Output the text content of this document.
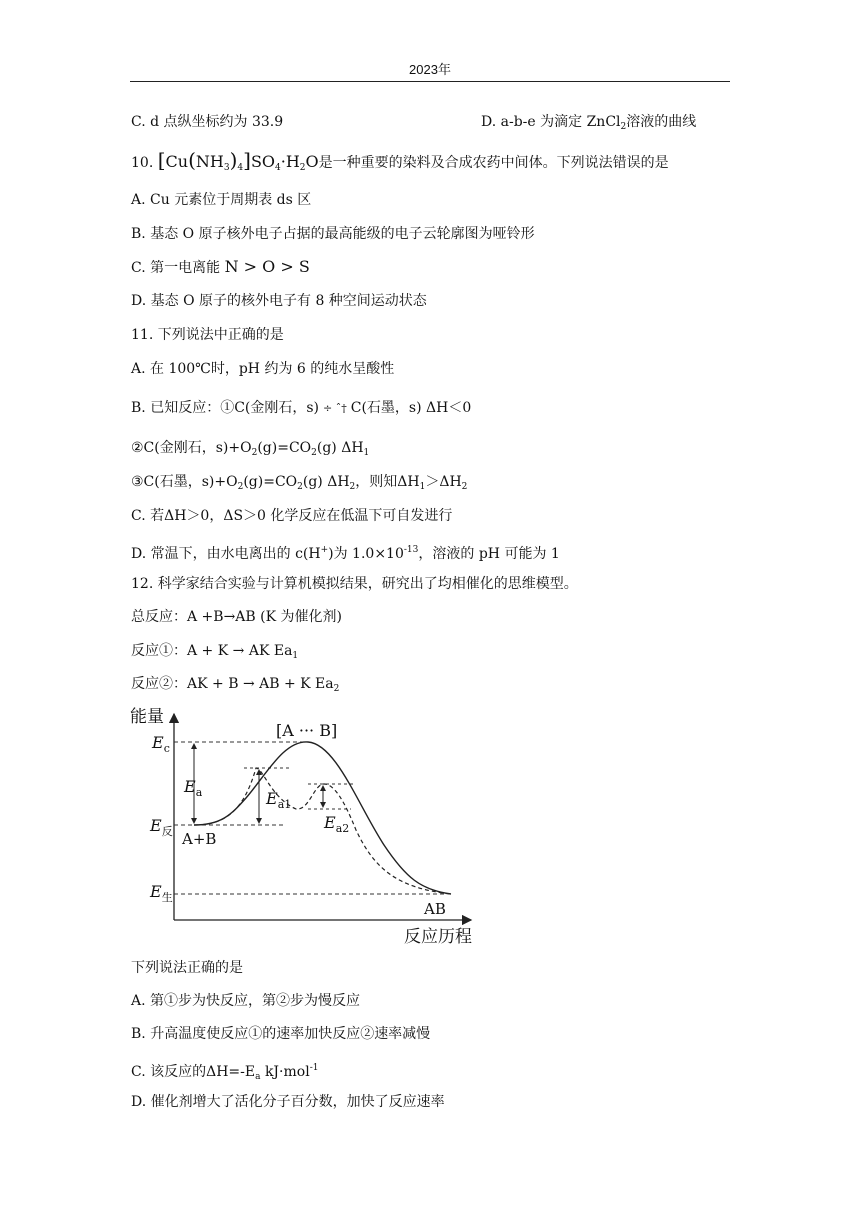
2023年
C. d 点纵坐标约为 33.9	D. a-b-e 为滴定 ZnCl$_2$溶液的曲线
10. $[Cu(NH_3)_4]SO_4\cdot H_2O$是一种重要的染料及合成农药中间体。下列说法错误的是
A. Cu 元素位于周期表 ds 区
B. 基态 O 原子核外电子占据的最高能级的电子云轮廓图为哑铃形
C. 第一电离能 N > O > S
D. 基态 O 原子的核外电子有 8 种空间运动状态
11. 下列说法中正确的是
A. 在 100℃时，pH 约为 6 的纯水呈酸性
B. 已知反应：①C(金刚石，s) ÷ ˆ† C(石墨，s) ΔH＜0
②C(金刚石，$s)+O_2(g)=CO_2(g)$ $\Delta H_1$
③C(石墨，$s)+O_2(g)=CO_2(g)$ $\Delta H_2$，则知$\Delta H_1>\Delta H_2$
C. 若ΔH＞0，ΔS＞0 化学反应在低温下可自发进行
D. 常温下，由水电离出的 c(H+)为 $1.0\times 10^{-13}$，溶液的 pH 可能为 1
12. 科学家结合实验与计算机模拟结果，研究出了均相催化的思维模型。
总反应：A +B→AB (K 为催化剂)
反应①：A + K → AK $Ea_1$
反应②：AK + B → AB + K $Ea_2$
能量
反应历程
$E_c$
$E_a$	$E_{a1}$
$E_{a2}$
$E_反$
$E_生$
A+B
AB
[A ··· B]
下列说法正确的是
A. 第①步为快反应，第②步为慢反应
B. 升高温度使反应①的速率加快反应②速率减慢
C. 该反应的$\Delta H=-E_a$ kJ·mol$^{-1}$
D. 催化剂增大了活化分子百分数，加快了反应速率
